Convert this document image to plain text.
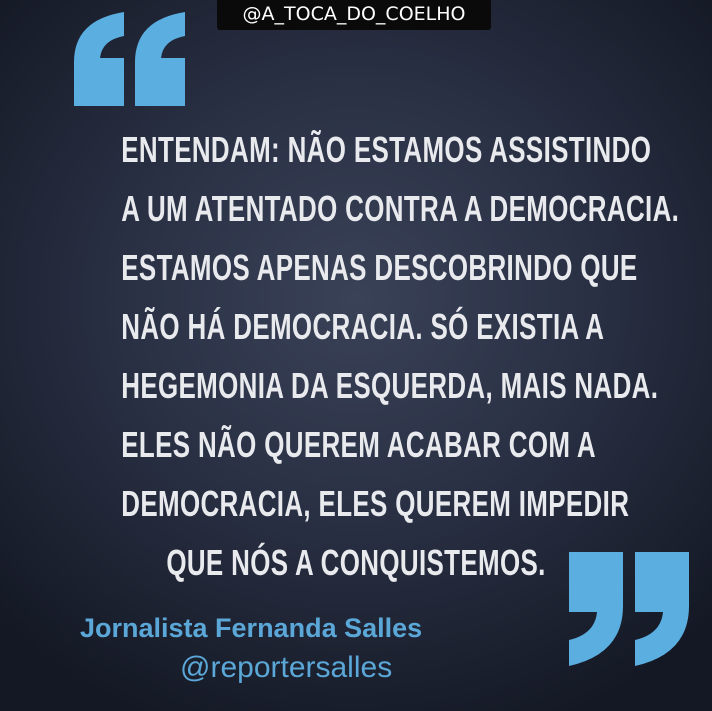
@A_TOCA_DO_COELHO
ENTENDAM: NÃO ESTAMOS ASSISTINDO
A UM ATENTADO CONTRA A DEMOCRACIA.
ESTAMOS APENAS DESCOBRINDO QUE
NÃO HÁ DEMOCRACIA. SÓ EXISTIA A
HEGEMONIA DA ESQUERDA, MAIS NADA.
ELES NÃO QUEREM ACABAR COM A
DEMOCRACIA, ELES QUEREM IMPEDIR
QUE NÓS A CONQUISTEMOS.
Jornalista Fernanda Salles
@reportersalles
